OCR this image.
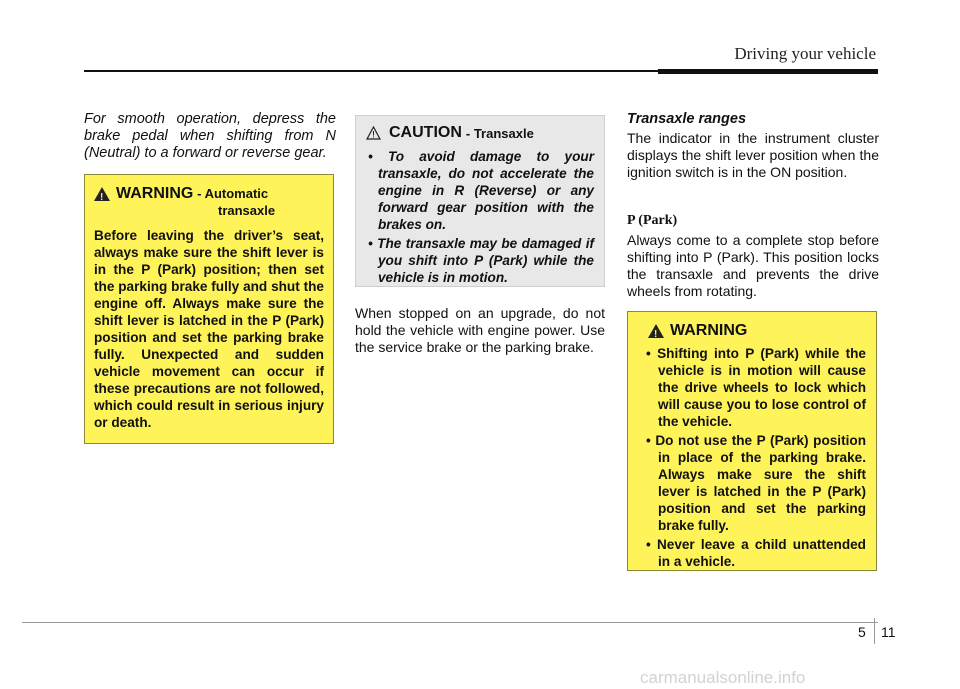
Driving your vehicle
For smooth operation, depress the brake pedal when shifting from N (Neutral) to a forward or reverse gear.
!
WARNING - Automatic
transaxle
Before leaving the driver’s seat, always make sure the shift lever is in the P (Park) position; then set the parking brake fully and shut the engine off. Always make sure the shift lever is latched in the P (Park) position and set the parking brake fully. Unexpected and sudden vehicle movement can occur if these precautions are not followed, which could result in serious injury or death.
CAUTION - Transaxle
• To avoid damage to your transaxle, do not accelerate the engine in R (Reverse) or any forward gear position with the brakes on.
• The transaxle may be damaged if you shift into P (Park) while the vehicle is in motion.
When stopped on an upgrade, do not hold the vehicle with engine power. Use the service brake or the parking brake.
Transaxle ranges
The indicator in the instrument cluster displays the shift lever position when the ignition switch is in the ON position.
P (Park)
Always come to a complete stop before shifting into P (Park). This position locks the transaxle and prevents the drive wheels from rotating.
!
WARNING
• Shifting into P (Park) while the vehicle is in motion will cause the drive wheels to lock which will cause you to lose control of the vehicle.
• Do not use the P (Park) position in place of the parking brake. Always make sure the shift lever is latched in the P (Park) position and set the parking brake fully.
• Never leave a child unattended in a vehicle.
5 11
carmanualsonline.info
